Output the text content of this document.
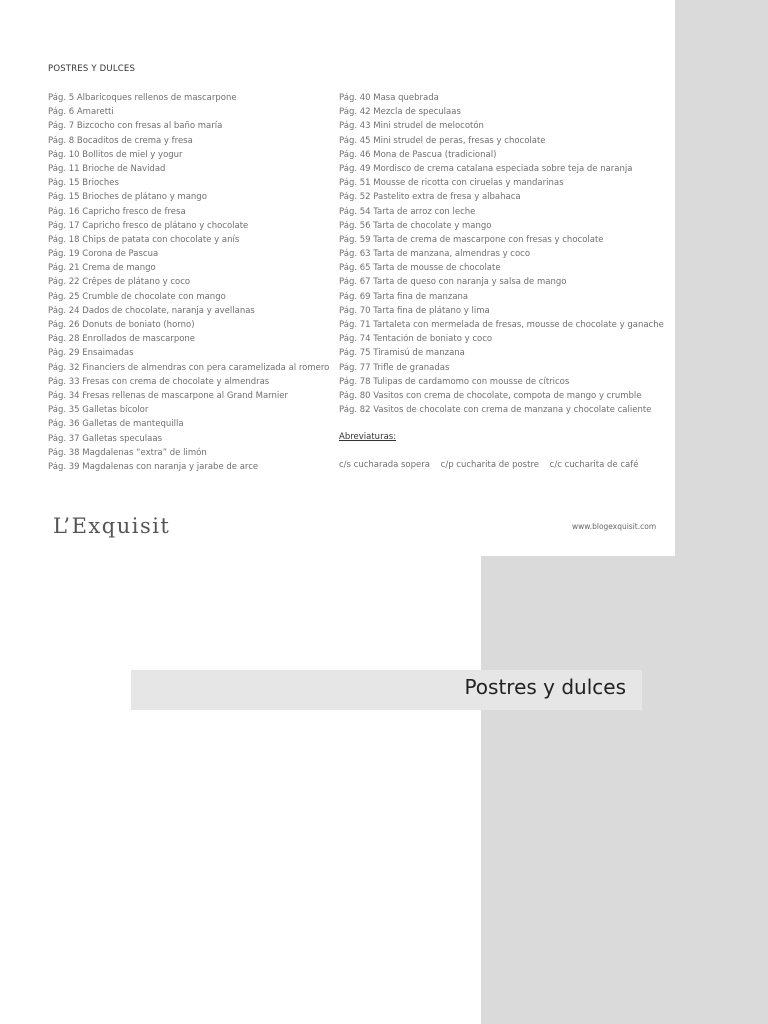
POSTRES Y DULCES
Pág. 5 Albaricoques rellenos de mascarpone
Pág. 6 Amaretti
Pág. 7 Bizcocho con fresas al baño maría
Pág. 8 Bocaditos de crema y fresa
Pág. 10 Bollitos de miel y yogur
Pág. 11 Brioche de Navidad
Pág. 15 Brioches
Pág. 15 Brioches de plátano y mango
Pág. 16 Capricho fresco de fresa
Pág. 17 Capricho fresco de plátano y chocolate
Pág. 18 Chips de patata con chocolate y anís
Pág. 19 Corona de Pascua
Pág. 21 Crema de mango
Pág. 22 Crêpes de plátano y coco
Pág. 25 Crumble de chocolate con mango
Pág. 24 Dados de chocolate, naranja y avellanas
Pág. 26 Donuts de boniato (horno)
Pág. 28 Enrollados de mascarpone
Pág. 29 Ensaimadas
Pág. 32 Financiers de almendras con pera caramelizada al romero
Pág. 33 Fresas con crema de chocolate y almendras
Pág. 34 Fresas rellenas de mascarpone al Grand Marnier
Pág. 35 Galletas bicolor
Pág. 36 Galletas de mantequilla
Pág. 37 Galletas speculaas
Pág. 38 Magdalenas “extra” de limón
Pág. 39 Magdalenas con naranja y jarabe de arce
Pág. 40 Masa quebrada
Pág. 42 Mezcla de speculaas
Pág. 43 Mini strudel de melocotón
Pág. 45 Mini strudel de peras, fresas y chocolate
Pág. 46 Mona de Pascua (tradicional)
Pág. 49 Mordisco de crema catalana especiada sobre teja de naranja
Pág. 51 Mousse de ricotta con ciruelas y mandarinas
Pág. 52 Pastelito extra de fresa y albahaca
Pág. 54 Tarta de arroz con leche
Pág. 56 Tarta de chocolate y mango
Pág. 59 Tarta de crema de mascarpone con fresas y chocolate
Pág. 63 Tarta de manzana, almendras y coco
Pág. 65 Tarta de mousse de chocolate
Pág. 67 Tarta de queso con naranja y salsa de mango
Pág. 69 Tarta fina de manzana
Pág. 70 Tarta fina de plátano y lima
Pág. 71 Tartaleta con mermelada de fresas, mousse de chocolate y ganache
Pág. 74 Tentación de boniato y coco
Pág. 75 Tiramisú de manzana
Pág. 77 Trifle de granadas
Pág. 78 Tulipas de cardamomo con mousse de cítricos
Pág. 80 Vasitos con crema de chocolate, compota de mango y crumble
Pág. 82 Vasitos de chocolate con crema de manzana y chocolate caliente
Abreviaturas:
c/s cucharada sopera c/p cucharita de postre c/c cucharita de café
L’Exquisit	www.blogexquisit.com
Postres y dulces
